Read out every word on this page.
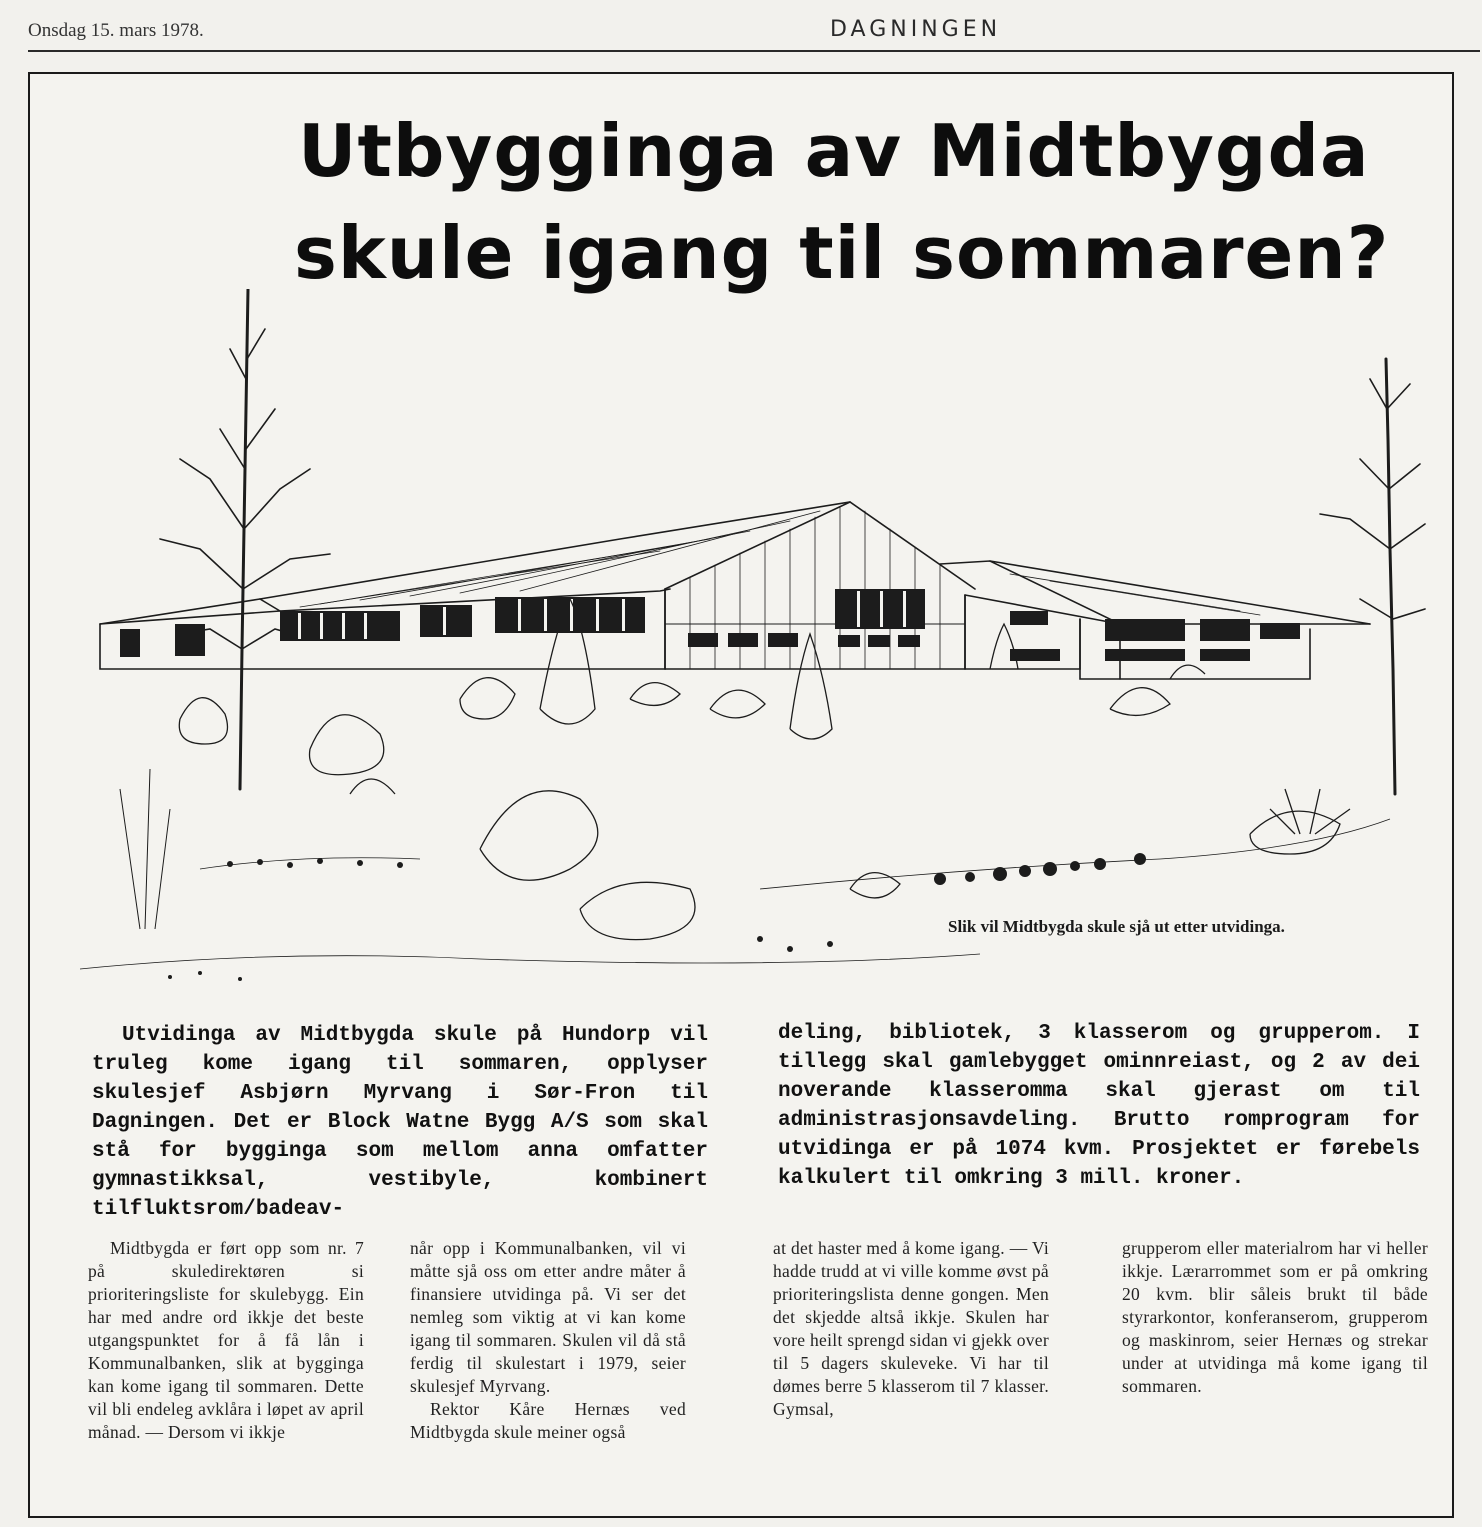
Onsdag 15. mars 1978.	DAGNINGEN
Utbygginga av Midtbygda
skule igang til sommaren?
Slik vil Midtbygda skule sjå ut etter utvidinga.

Utvidinga av Midtbygda skule på Hundorp vil truleg kome igang til sommaren, opplyser skulesjef Asbjørn Myrvang i Sør-Fron til Dagningen. Det er Block Watne Bygg A/S som skal stå for bygginga som mellom anna omfatter gymnastikksal, vestibyle, kombinert tilfluktsrom/badeav-

deling, bibliotek, 3 klasserom og grupperom. I tillegg skal gamlebygget ominnreiast, og 2 av dei noverande klasseromma skal gjerast om til administrasjonsavdeling. Brutto romprogram for utvidinga er på 1074 kvm. Prosjektet er førebels kalkulert til omkring 3 mill. kroner.

Midtbygda er ført opp som nr. 7 på skuledirektøren si prioriteringsliste for skulebygg. Ein har med andre ord ikkje det beste utgangspunktet for å få lån i Kommunalbanken, slik at bygginga kan kome igang til sommaren. Dette vil bli endeleg avklåra i løpet av april månad. — Dersom vi ikkje

når opp i Kommunalbanken, vil vi måtte sjå oss om etter andre måter å finansiere utvidinga på. Vi ser det nemleg som viktig at vi kan kome igang til sommaren. Skulen vil då stå ferdig til skulestart i 1979, seier skulesjef Myrvang.

Rektor Kåre Hernæs ved Midtbygda skule meiner også

at det haster med å kome igang. — Vi hadde trudd at vi ville komme øvst på prioriteringslista denne gongen. Men det skjedde altså ikkje. Skulen har vore heilt sprengd sidan vi gjekk over til 5 dagers skuleveke. Vi har til dømes berre 5 klasserom til 7 klasser. Gymsal,
grupperom eller materialrom har vi heller ikkje. Lærarrommet som er på omkring 20 kvm. blir såleis brukt til både styrarkontor, konferanserom, grupperom og maskinrom, seier Hernæs og strekar under at utvidinga må kome igang til sommaren.
